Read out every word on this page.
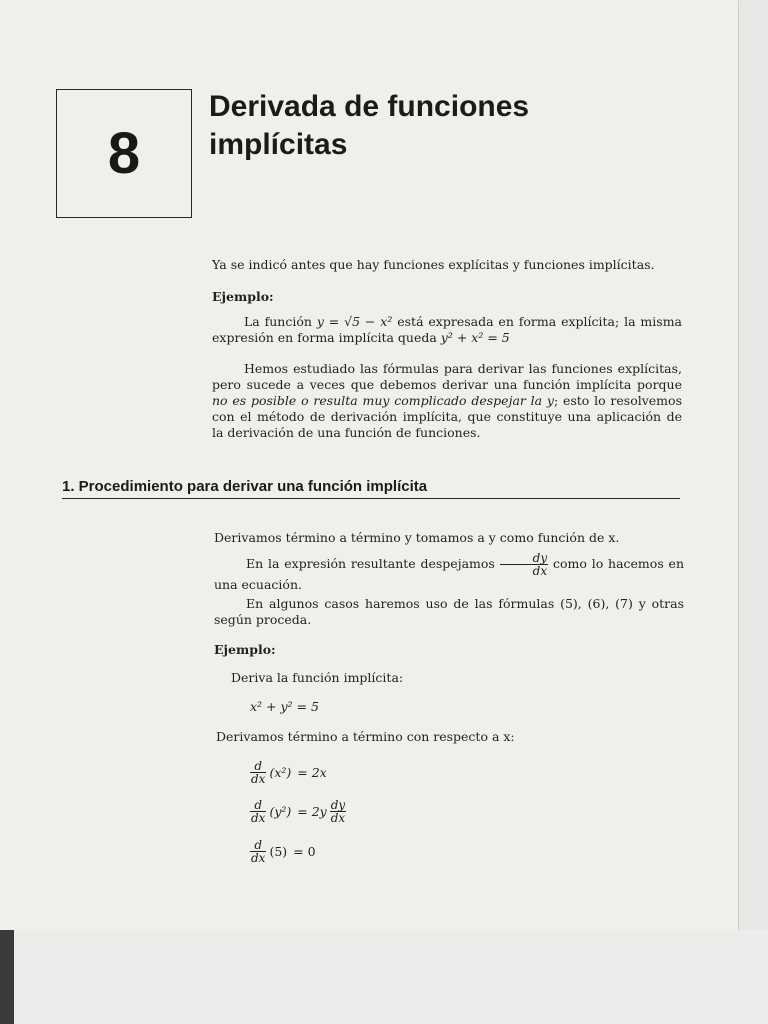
8
Derivada de funciones
implícitas
Ya se indicó antes que hay funciones explícitas y funciones implícitas.
Ejemplo:
La función y = √5 − x² está expresada en forma explícita; la misma expresión en forma implícita queda y² + x² = 5
Hemos estudiado las fórmulas para derivar las funciones explícitas, pero sucede a veces que debemos derivar una función implícita porque no es posible o resulta muy complicado despejar la y; esto lo resolvemos con el método de derivación implícita, que constituye una aplicación de la derivación de una función de funciones.
1. Procedimiento para derivar una función implícita
Derivamos término a término y tomamos a y como función de x.
En la expresión resultante despejamos $\frac{dy}{dx}$ como lo hacemos en una ecuación.
En algunos casos haremos uso de las fórmulas (5), (6), (7) y otras según proceda.
Ejemplo:
Deriva la función implícita:
x² + y² = 5
Derivamos término a término con respecto a x:
$\frac{d}{dx} (x^2) = 2x$
$\frac{d}{dx} (y^2) = 2y \frac{dy}{dx}$
$\frac{d}{dx} (5) = 0$
